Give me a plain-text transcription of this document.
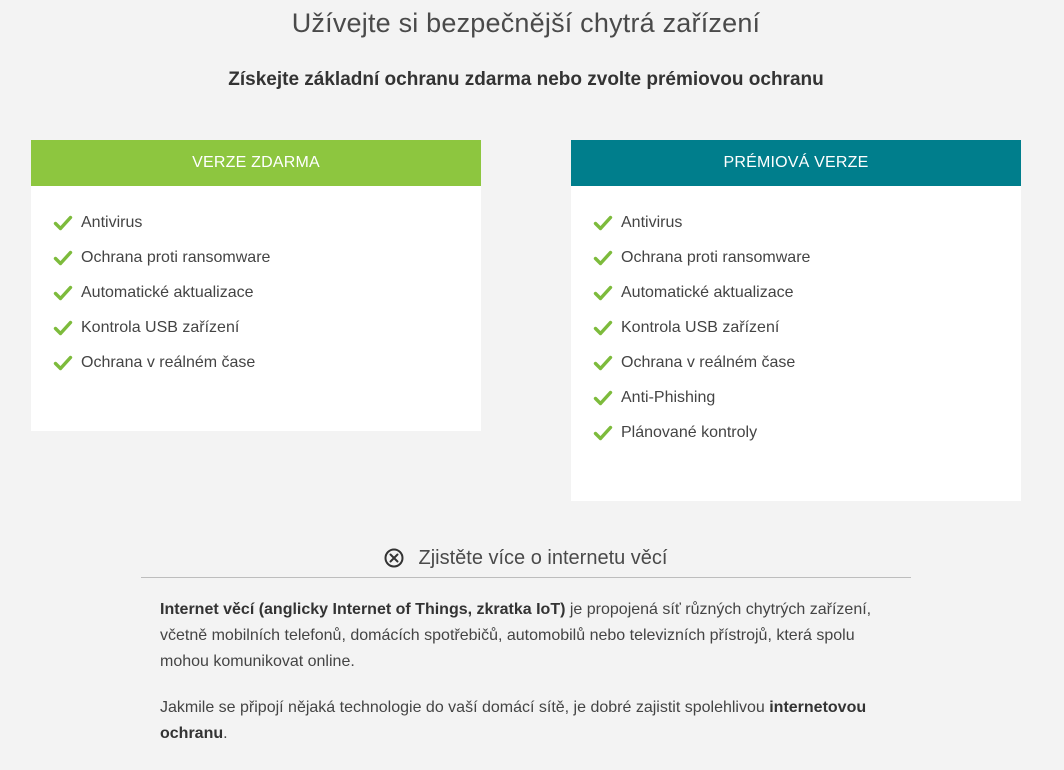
Užívejte si bezpečnější chytrá zařízení
Získejte základní ochranu zdarma nebo zvolte prémiovou ochranu
VERZE ZDARMA
Antivirus
Ochrana proti ransomware
Automatické aktualizace
Kontrola USB zařízení
Ochrana v reálném čase
PRÉMIOVÁ VERZE
Antivirus
Ochrana proti ransomware
Automatické aktualizace
Kontrola USB zařízení
Ochrana v reálném čase
Anti-Phishing
Plánované kontroly
Zjistěte více o internetu věcí

Internet věcí (anglicky Internet of Things, zkratka IoT) je propojená síť různých chytrých zařízení, včetně mobilních telefonů, domácích spotřebičů, automobilů nebo televizních přístrojů, která spolu mohou komunikovat online.

Jakmile se připojí nějaká technologie do vaší domácí sítě, je dobré zajistit spolehlivou internetovou ochranu.
